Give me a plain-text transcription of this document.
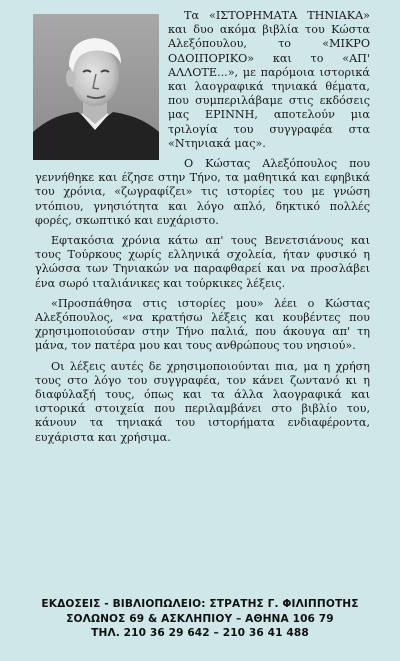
Τα «ΙΣΤΟΡΗΜΑΤΑ ΤΗΝΙΑΚΑ» και δυο ακόμα βιβλία του Κώστα Αλεξόπουλου, το «ΜΙΚΡΟ ΟΔΟΙΠΟΡΙΚΟ» και το «ΑΠ' ΑΛΛΟΤΕ...», με παρόμοια ιστορικά και λαογραφικά τηνιακά θέματα, που συμπεριλάβαμε στις εκδόσεις μας ΕΡΙΝΝΗ, αποτελούν μια τριλογία του συγγραφέα στα «Ντηνιακά μας».

Ο Κώστας Αλεξόπουλος που γεννήθηκε και έζησε στην Τήνο, τα μαθητικά και εφηβικά του χρόνια, «ζωγραφίζει» τις ιστορίες του με γνώση ντόπιου, γνησιότητα και λόγο απλό, δηκτικό πολλές φορές, σκωπτικό και ευχάριστο.

Εφτακόσια χρόνια κάτω απ' τους Βενετσιάνους και τους Τούρκους χωρίς ελληνικά σχολεία, ήταν φυσικό η γλώσσα των Τηνιακών να παραφθαρεί και να προσλάβει ένα σωρό ιταλιάνικες και τούρκικες λέξεις.

«Προσπάθησα στις ιστορίες μου» λέει ο Κώστας Αλεξόπουλος, «να κρατήσω λέξεις και κουβέντες που χρησιμοποιούσαν στην Τήνο παλιά, που άκουγα απ' τη μάνα, τον πατέρα μου και τους ανθρώπους του νησιού».

Οι λέξεις αυτές δε χρησιμοποιούνται πια, μα η χρήση τους στο λόγο του συγγραφέα, τον κάνει ζωντανό κι η διαφύλαξή τους, όπως και τα άλλα λαογραφικά και ιστορικά στοιχεία που περιλαμβάνει στο βιβλίο του, κάνουν τα τηνιακά του ιστορήματα ενδιαφέροντα, ευχάριστα και χρήσιμα.

ΕΚΔΟΣΕΙΣ - ΒΙΒΛΙΟΠΩΛΕΙΟ: ΣΤΡΑΤΗΣ Γ. ΦΙΛΙΠΠΟΤΗΣ
ΣΟΛΩΝΟΣ 69 & ΑΣΚΛΗΠΙΟΥ – ΑΘΗΝΑ 106 79
ΤΗΛ. 210 36 29 642 – 210 36 41 488
